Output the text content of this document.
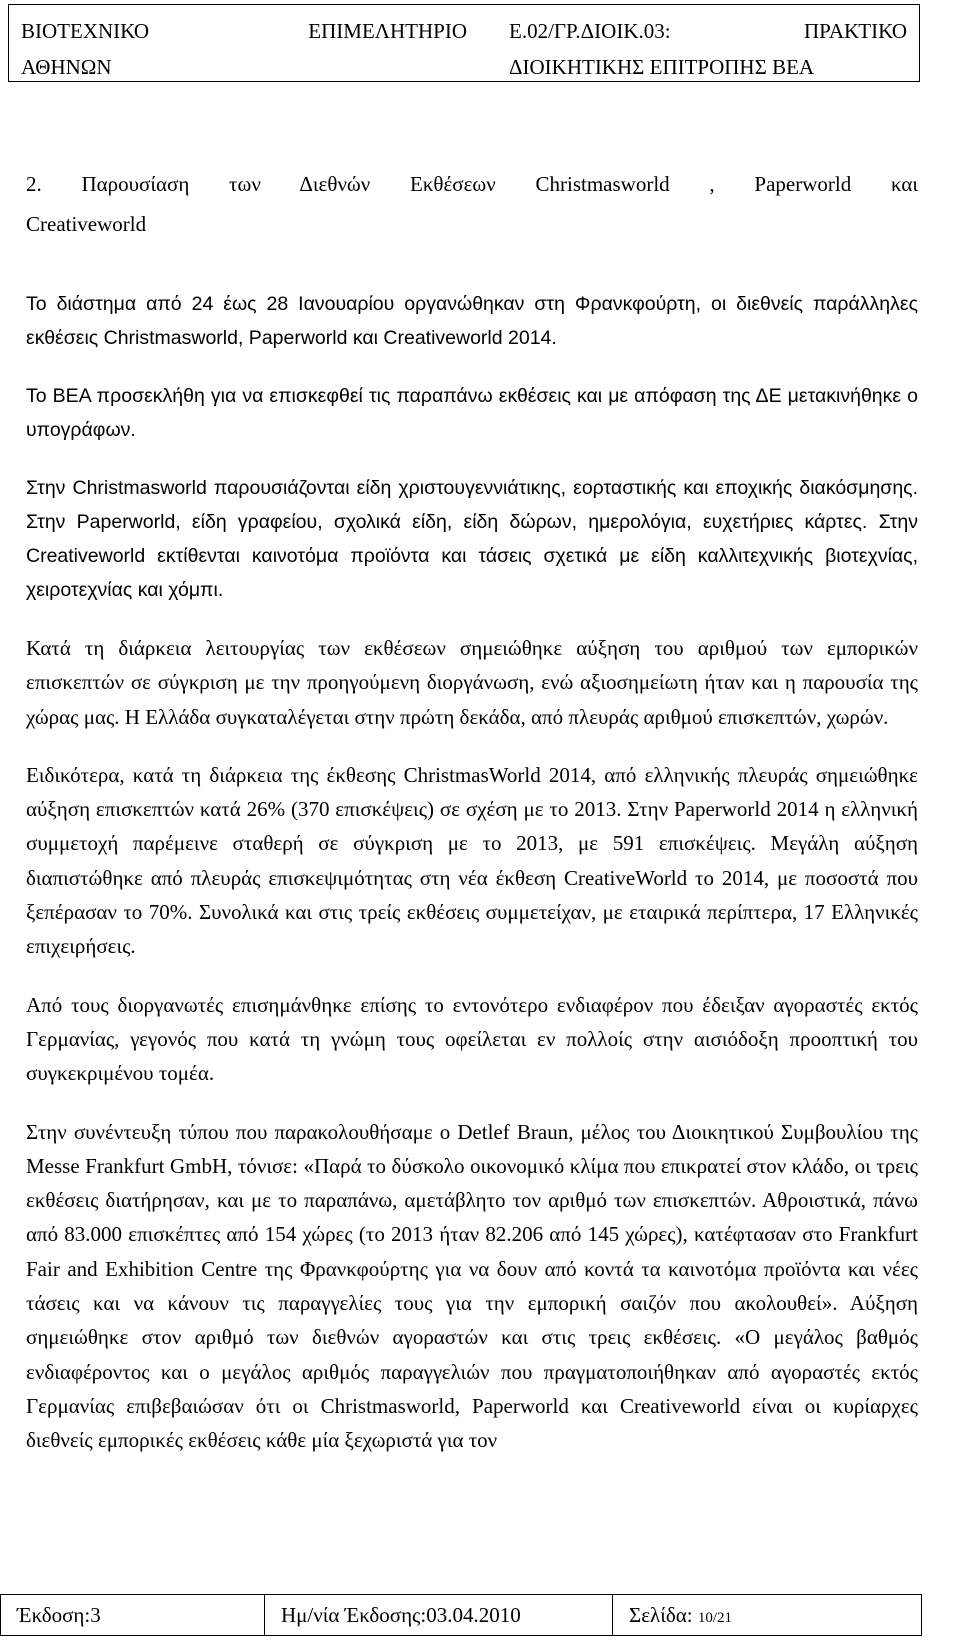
ΒΙΟΤΕΧΝΙΚΟ ΕΠΙΜΕΛΗΤΗΡΙΟ
ΑΘΗΝΩΝ
Ε.02/ΓΡ.ΔΙΟΙΚ.03: ΠΡΑΚΤΙΚΟ
ΔΙΟΙΚΗΤΙΚΗΣ ΕΠΙΤΡΟΠΗΣ ΒΕΑ
2. Παρουσίαση των Διεθνών Εκθέσεων Christmasworld , Paperworld και
Creativeworld

Το διάστημα από 24 έως 28 Ιανουαρίου οργανώθηκαν στη Φρανκφούρτη, οι διεθνείς παράλληλες εκθέσεις Christmasworld, Paperworld και Creativeworld 2014.

Το ΒΕΑ προσεκλήθη για να επισκεφθεί τις παραπάνω εκθέσεις και με απόφαση της ΔΕ μετακινήθηκε ο υπογράφων.

Στην Christmasworld παρουσιάζονται είδη χριστουγεννιάτικης, εορταστικής και εποχικής διακόσμησης. Στην Paperworld, είδη γραφείου, σχολικά είδη, είδη δώρων, ημερολόγια, ευχετήριες κάρτες. Στην Creativeworld εκτίθενται καινοτόμα προϊόντα και τάσεις σχετικά με είδη καλλιτεχνικής βιοτεχνίας, χειροτεχνίας και χόμπι.

Κατά τη διάρκεια λειτουργίας των εκθέσεων σημειώθηκε αύξηση του αριθμού των εμπορικών επισκεπτών σε σύγκριση με την προηγούμενη διοργάνωση, ενώ αξιοσημείωτη ήταν και η παρουσία της χώρας μας. Η Ελλάδα συγκαταλέγεται στην πρώτη δεκάδα, από πλευράς αριθμού επισκεπτών, χωρών.

Ειδικότερα, κατά τη διάρκεια της έκθεσης ChristmasWorld 2014, από ελληνικής πλευράς σημειώθηκε αύξηση επισκεπτών κατά 26% (370 επισκέψεις) σε σχέση με το 2013. Στην Paperworld 2014 η ελληνική συμμετοχή παρέμεινε σταθερή σε σύγκριση με το 2013, με 591 επισκέψεις. Μεγάλη αύξηση διαπιστώθηκε από πλευράς επισκεψιμότητας στη νέα έκθεση CreativeWorld το 2014, με ποσοστά που ξεπέρασαν το 70%. Συνολικά και στις τρείς εκθέσεις συμμετείχαν, με εταιρικά περίπτερα, 17 Ελληνικές επιχειρήσεις.

Από τους διοργανωτές επισημάνθηκε επίσης το εντονότερο ενδιαφέρον που έδειξαν αγοραστές εκτός Γερμανίας, γεγονός που κατά τη γνώμη τους οφείλεται εν πολλοίς στην αισιόδοξη προοπτική του συγκεκριμένου τομέα.

Στην συνέντευξη τύπου που παρακολουθήσαμε ο Detlef Braun, μέλος του Διοικητικού Συμβουλίου της Messe Frankfurt GmbH, τόνισε: «Παρά το δύσκολο οικονομικό κλίμα που επικρατεί στον κλάδο, οι τρεις εκθέσεις διατήρησαν, και με το παραπάνω, αμετάβλητο τον αριθμό των επισκεπτών. Αθροιστικά, πάνω από 83.000 επισκέπτες από 154 χώρες (το 2013 ήταν 82.206 από 145 χώρες), κατέφτασαν στο Frankfurt Fair and Exhibition Centre της Φρανκφούρτης για να δουν από κοντά τα καινοτόμα προϊόντα και νέες τάσεις και να κάνουν τις παραγγελίες τους για την εμπορική σαιζόν που ακολουθεί». Αύξηση σημειώθηκε στον αριθμό των διεθνών αγοραστών και στις τρεις εκθέσεις. «Ο μεγάλος βαθμός ενδιαφέροντος και ο μεγάλος αριθμός παραγγελιών που πραγματοποιήθηκαν από αγοραστές εκτός Γερμανίας επιβεβαιώσαν ότι οι Christmasworld, Paperworld και Creativeworld είναι οι κυρίαρχες διεθνείς εμπορικές εκθέσεις κάθε μία ξεχωριστά για τον

Έκδοση:3	Ημ/νία Έκδοσης:03.04.2010	Σελίδα: 10/21
